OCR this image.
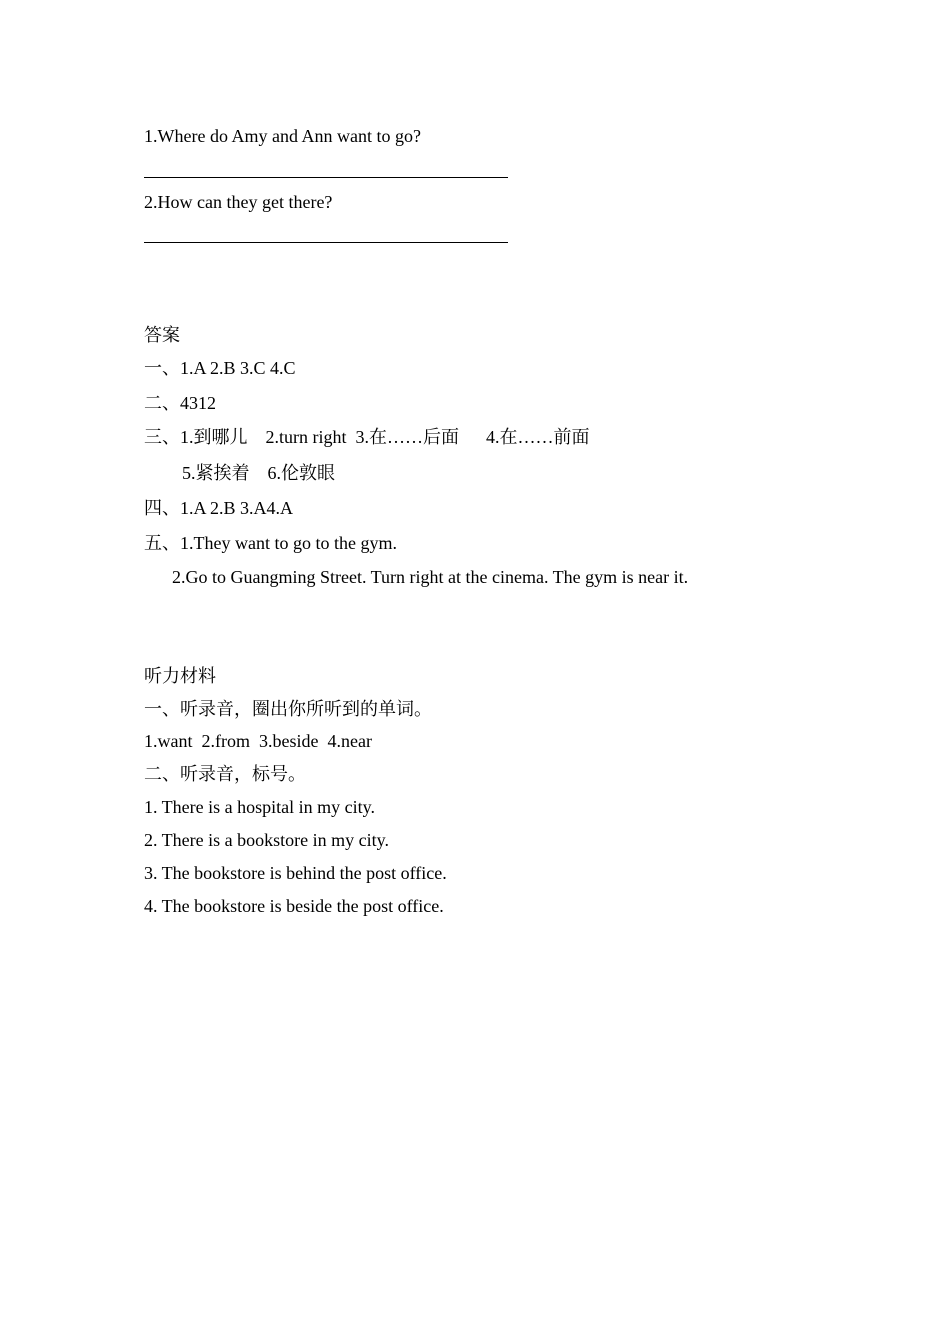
1.Where do Amy and Ann want to go?
2.How can they get there?
答案
一、1.A 2.B 3.C 4.C
二、4312
三、1.到哪儿    2.turn right  3.在……后面      4.在……前面
5.紧挨着    6.伦敦眼
四、1.A 2.B 3.A4.A
五、1.They want to go to the gym.
2.Go to Guangming Street. Turn right at the cinema. The gym is near it.
听力材料
一、听录音，圈出你所听到的单词。
1.want  2.from  3.beside  4.near
二、听录音，标号。
1. There is a hospital in my city.
2. There is a bookstore in my city.
3. The bookstore is behind the post office.
4. The bookstore is beside the post office.
